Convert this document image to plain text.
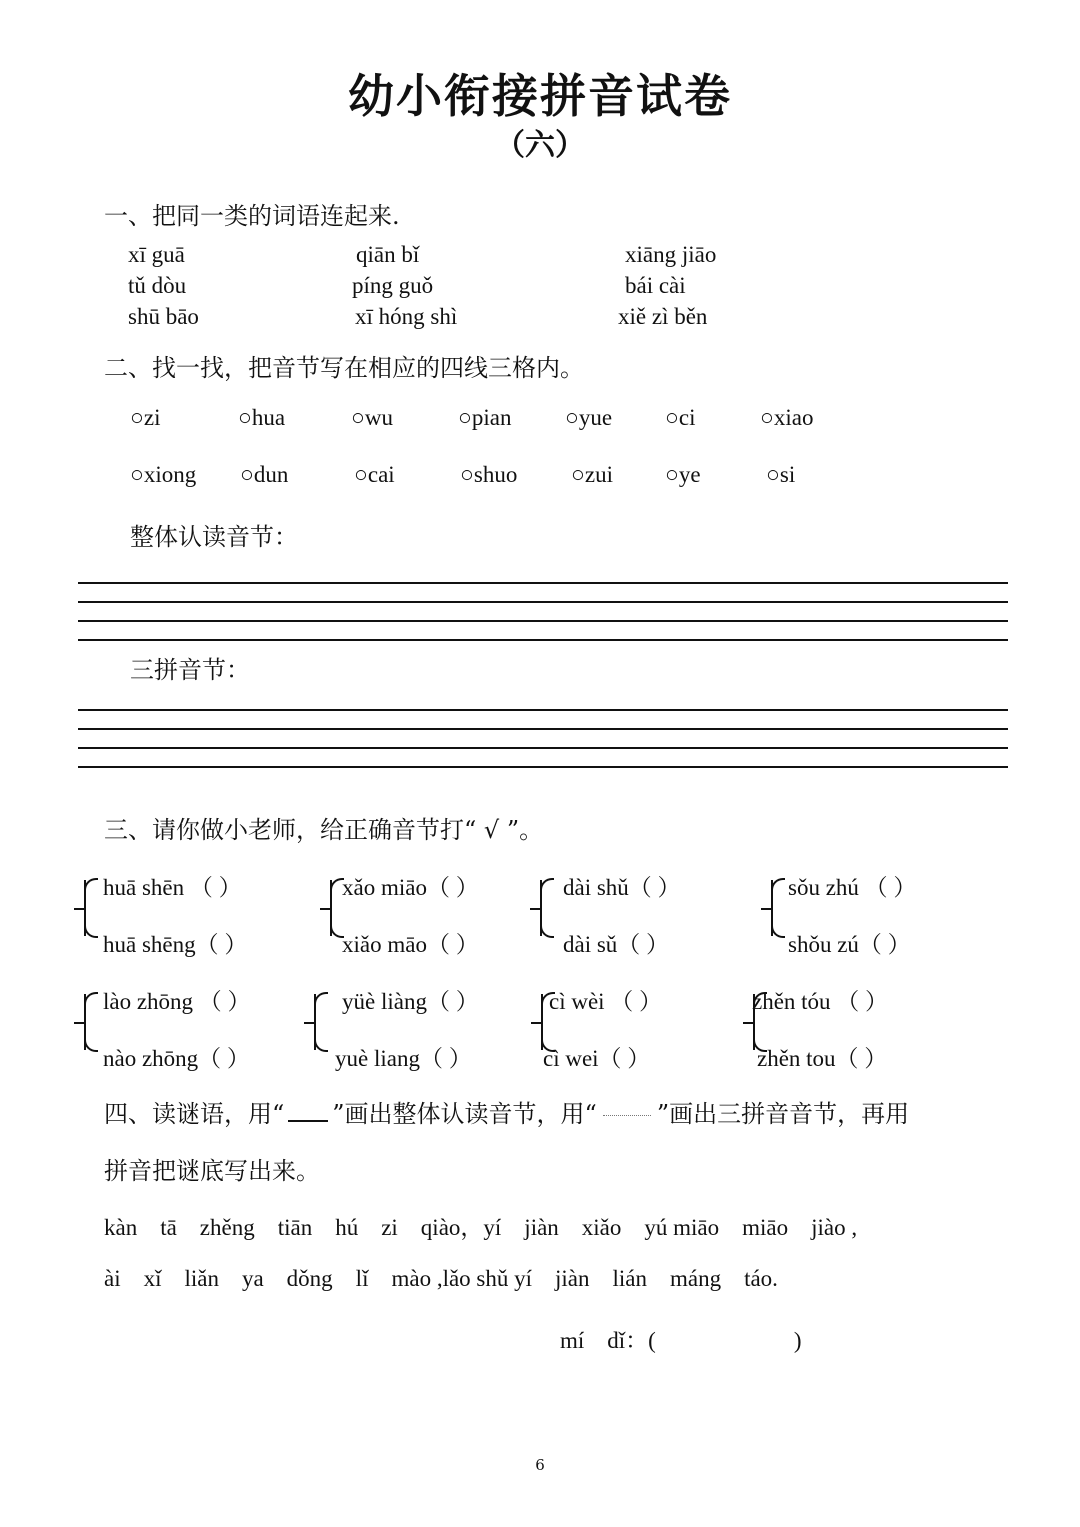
幼小衔接拼音试卷
（六）
一、把同一类的词语连起来.
xī guā	qiān bǐ	xiāng jiāo
tǔ dòu	píng guǒ	bái cài
shū bāo	xī hóng shì	xiě zì běn
二、找一找，把音节写在相应的四线三格内。
○zi	○hua	○wu	○pian ○yue ○ci	○xiao
○xiong ○dun	○cai	○shuo ○zui ○ye	○si
整体认读音节：
三拼音节：
三、请你做小老师，给正确音节打“ √ ”。
huā shēn （ ）
huā shēng（ ）
xǎo miāo（ ）
xiǎo māo（ ）
dài shǔ（ ）
dài sǔ（ ）
sǒu zhú （ ）
shǒu zú（ ）
lào zhōng （ ）
nào zhōng（ ）
yüè liàng（ ）
yuè liang（ ）
cì wèi （ ）
cì wei（ ）
zhěn tóu （ ）
zhěn tou（ ）
四、读谜语，用“ ”画出整体认读音节，用“	”画出三拼音音节，再用
拼音把谜底写出来。
kàn    tā    zhěng    tiān    hú    zi    qiào，yí    jiàn    xiǎo    yú miāo    miāo    jiào ,
ài    xǐ    liǎn    ya    dǒng    lǐ    mào ,lǎo shǔ yí    jiàn    lián    máng    táo.
mí    dǐ：(                        )
6
